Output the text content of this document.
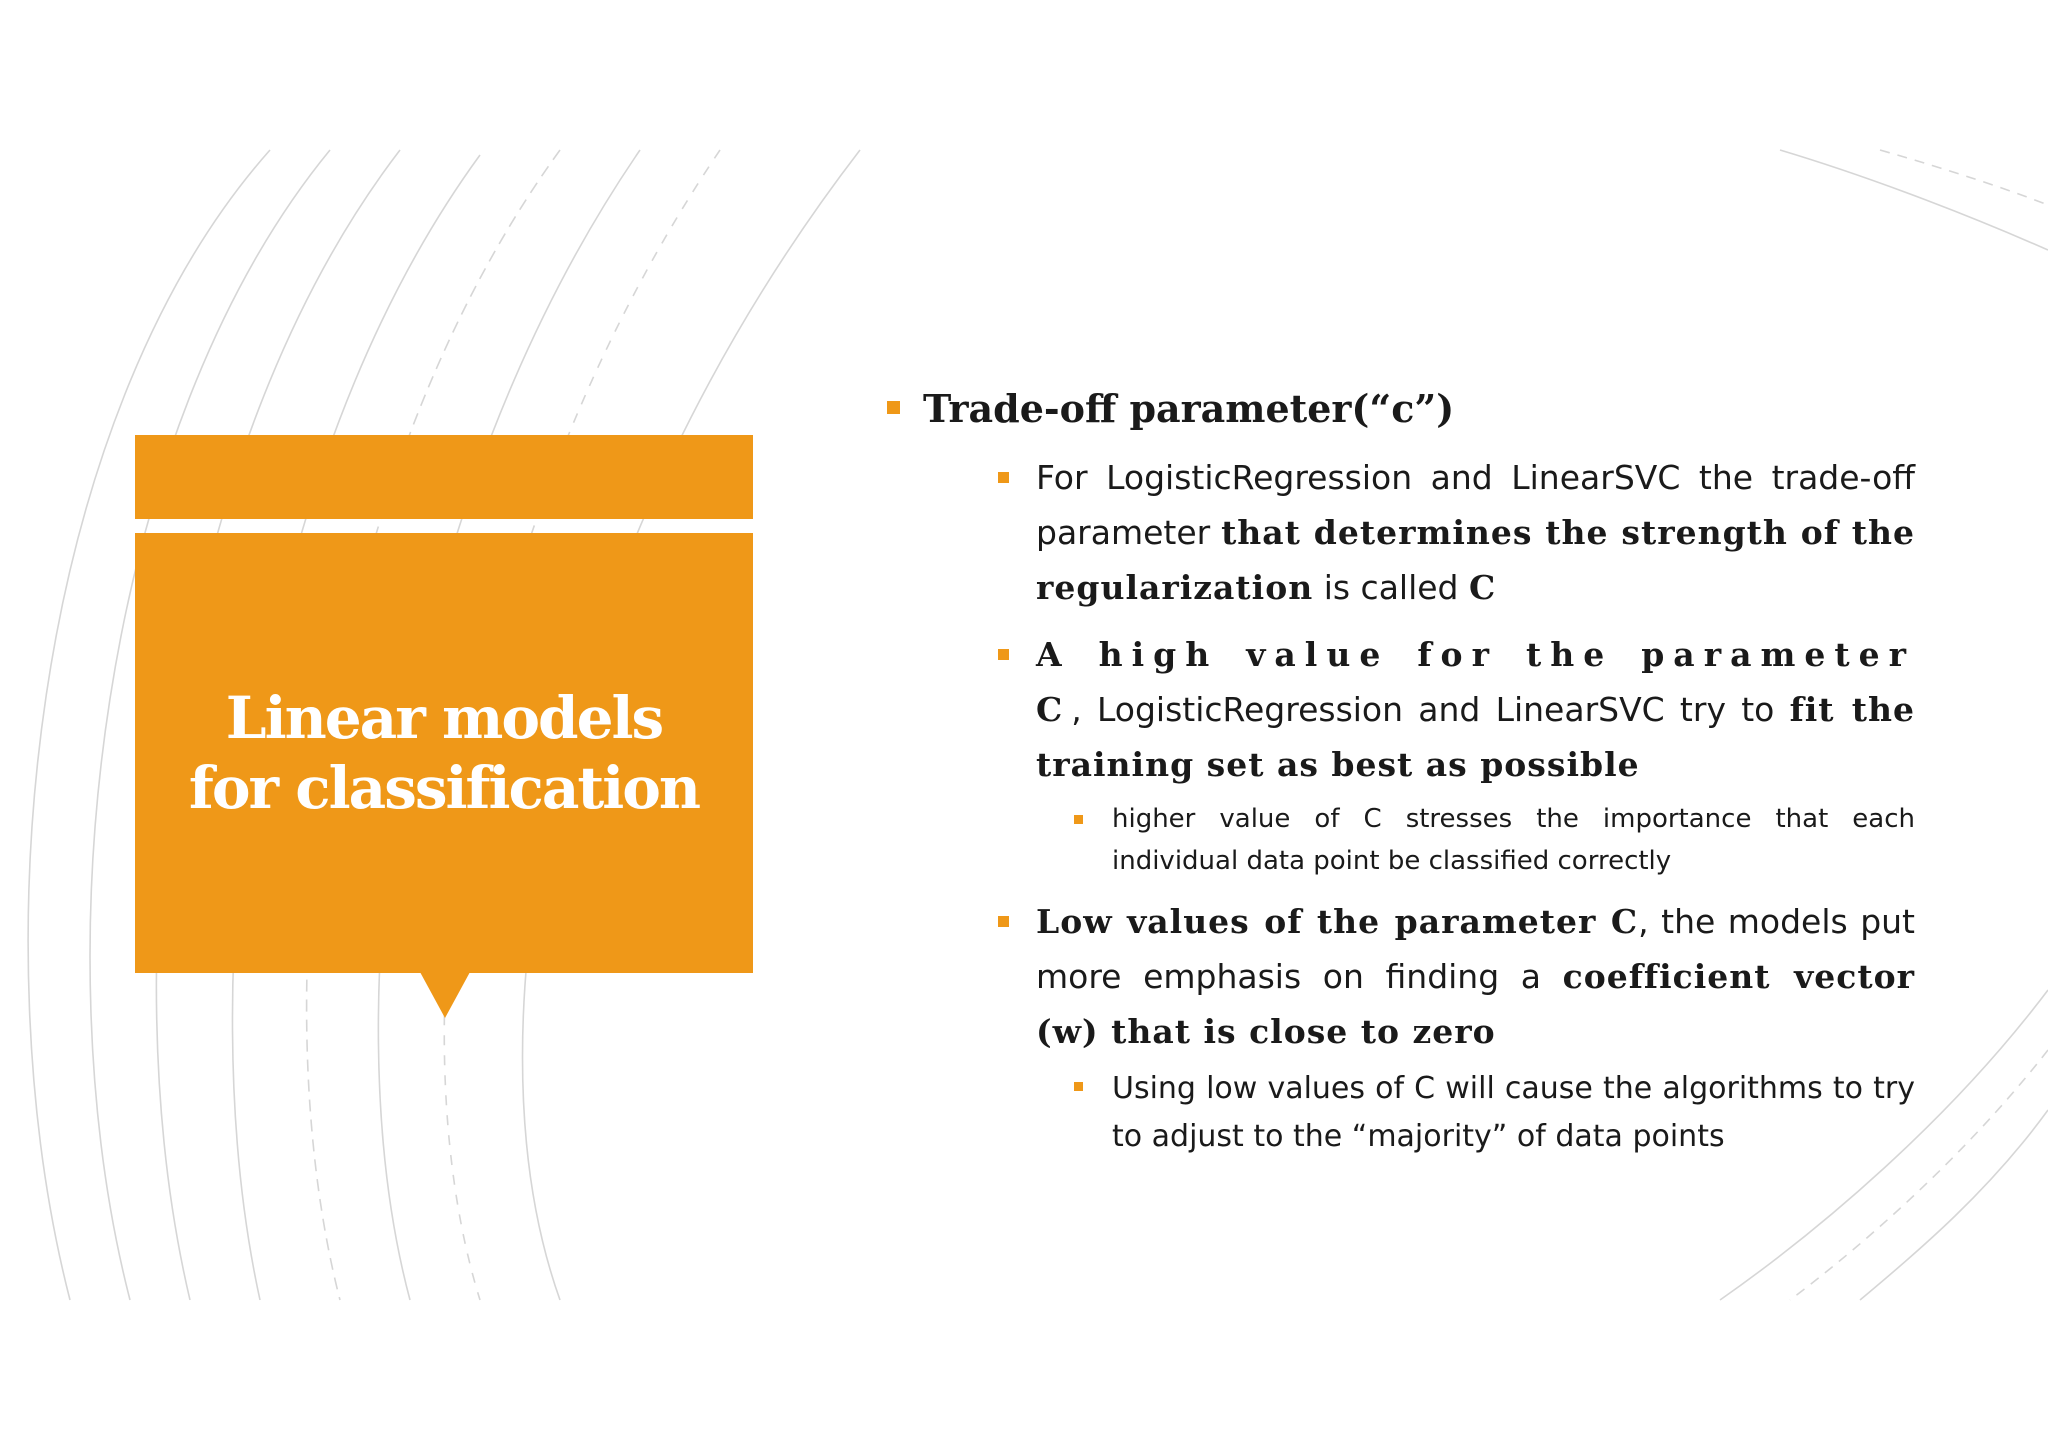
Linear models
for classification
Trade-off parameter(“c”)
For LogisticRegression and LinearSVC the trade-off parameter that determines the strength of the regularization is called C
A high value for the parameter C, LogisticRegression and LinearSVC try to fit the training set as best as possible
higher value of C stresses the importance that each individual data point be classified correctly
Low values of the parameter C, the models put more emphasis on finding a coefficient vector (w) that is close to zero
Using low values of C will cause the algorithms to try to adjust to the “majority” of data points
